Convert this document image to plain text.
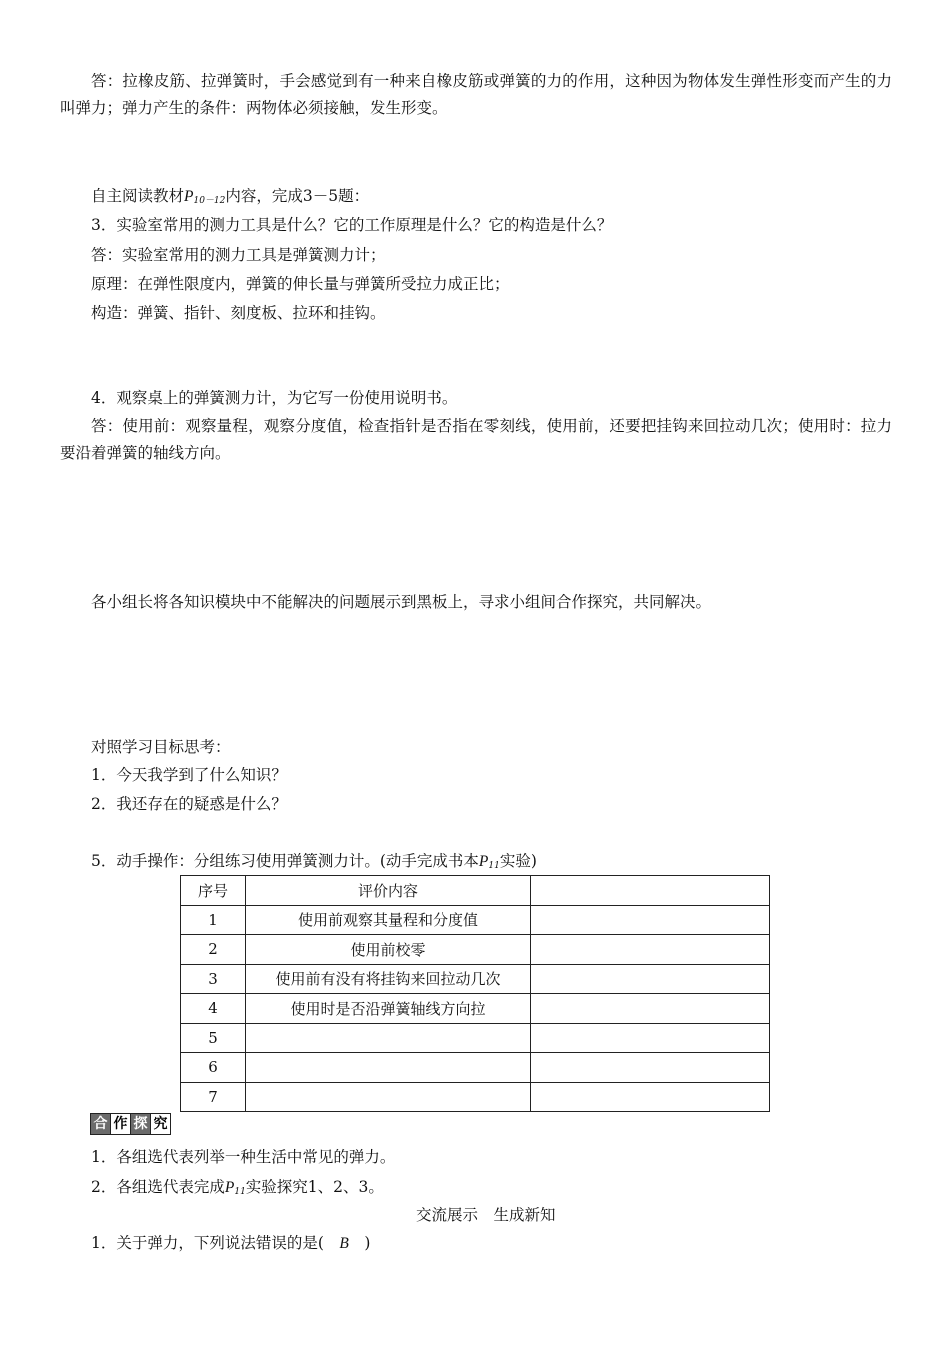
答：拉橡皮筋、拉弹簧时，手会感觉到有一种来自橡皮筋或弹簧的力的作用，这种因为物体发生弹性形变而产生的力叫弹力；弹力产生的条件：两物体必须接触，发生形变。
自主阅读教材$P_{10-12}$内容，完成3－5题：
3．实验室常用的测力工具是什么？它的工作原理是什么？它的构造是什么？
答：实验室常用的测力工具是弹簧测力计；
原理：在弹性限度内，弹簧的伸长量与弹簧所受拉力成正比；
构造：弹簧、指针、刻度板、拉环和挂钩。
4．观察桌上的弹簧测力计，为它写一份使用说明书。
答：使用前：观察量程，观察分度值，检查指针是否指在零刻线，使用前，还要把挂钩来回拉动几次；使用时：拉力要沿着弹簧的轴线方向。
各小组长将各知识模块中不能解决的问题展示到黑板上，寻求小组间合作探究，共同解决。
对照学习目标思考：
1．今天我学到了什么知识？
2．我还存在的疑惑是什么？
5．动手操作：分组练习使用弹簧测力计。(动手完成书本$P_{11}$实验)
序号	评价内容	
1	使用前观察其量程和分度值	
2	使用前校零	
3	使用前有没有将挂钩来回拉动几次	
4	使用时是否沿弹簧轴线方向拉	
5		
6		
7		
合 作 探 究
1．各组选代表列举一种生活中常见的弹力。
2．各组选代表完成$P_{11}$实验探究1、2、3。
交流展示　生成新知
1．关于弹力，下列说法错误的是(　B　)
